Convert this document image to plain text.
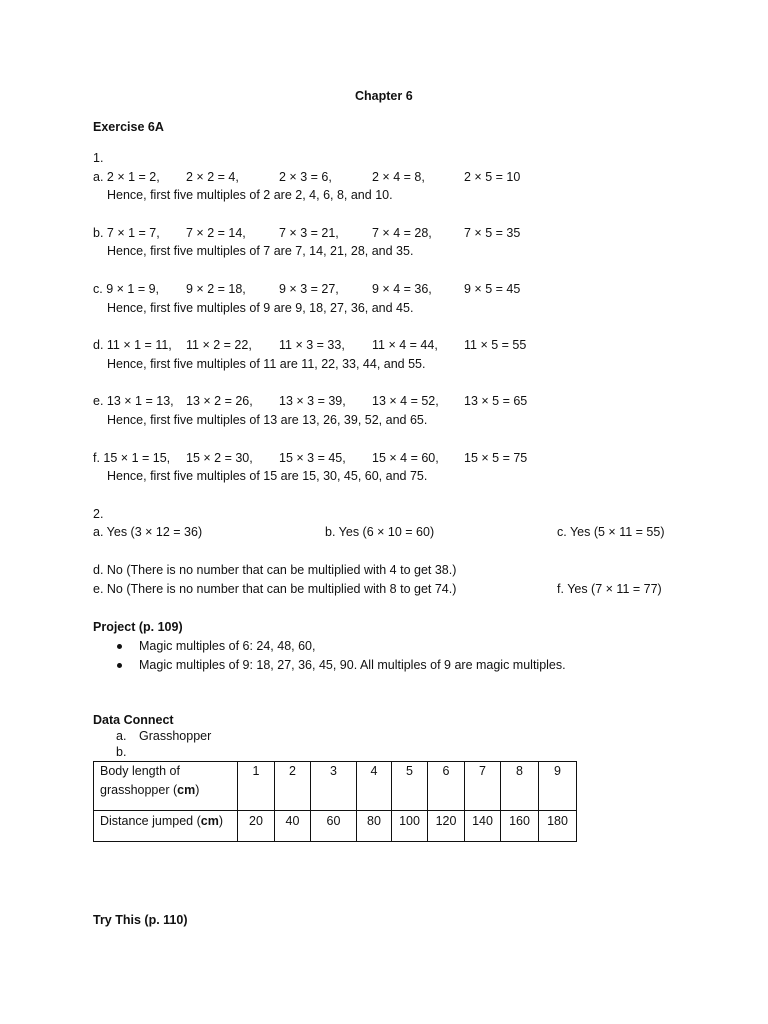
Chapter 6
Exercise 6A
1.
a. 2 × 1 = 2, 2 × 2 = 4,	2 × 3 = 6,	2 × 4 = 8,	2 × 5 = 10
Hence, first five multiples of 2 are 2, 4, 6, 8, and 10.
b. 7 × 1 = 7, 7 × 2 = 14,	7 × 3 = 21,	7 × 4 = 28,	7 × 5 = 35
Hence, first five multiples of 7 are 7, 14, 21, 28, and 35.
c. 9 × 1 = 9, 9 × 2 = 18,	9 × 3 = 27,	9 × 4 = 36,	9 × 5 = 45
Hence, first five multiples of 9 are 9, 18, 27, 36, and 45.
d. 11 × 1 = 11, 11 × 2 = 22, 11 × 3 = 33, 11 × 4 = 44, 11 × 5 = 55
Hence, first five multiples of 11 are 11, 22, 33, 44, and 55.
e. 13 × 1 = 13, 13 × 2 = 26, 13 × 3 = 39, 13 × 4 = 52, 13 × 5 = 65
Hence, first five multiples of 13 are 13, 26, 39, 52, and 65.
f. 15 × 1 = 15, 15 × 2 = 30, 15 × 3 = 45, 15 × 4 = 60, 15 × 5 = 75
Hence, first five multiples of 15 are 15, 30, 45, 60, and 75.
2.
a. Yes (3 × 12 = 36)	b. Yes (6 × 10 = 60)	c. Yes (5 × 11 = 55)
d. No (There is no number that can be multiplied with 4 to get 38.)
e. No (There is no number that can be multiplied with 8 to get 74.)	f. Yes (7 × 11 = 77)
Project (p. 109)
Magic multiples of 6: 24, 48, 60,
Magic multiples of 9: 18, 27, 36, 45, 90. All multiples of 9 are magic multiples.
Data Connect
a. Grasshopper
b.
Body length of grasshopper (cm)	1	2	3	4	5	6	7	8	9
Distance jumped (cm)	20	40	60	80	100	120	140	160	180
Try This (p. 110)
